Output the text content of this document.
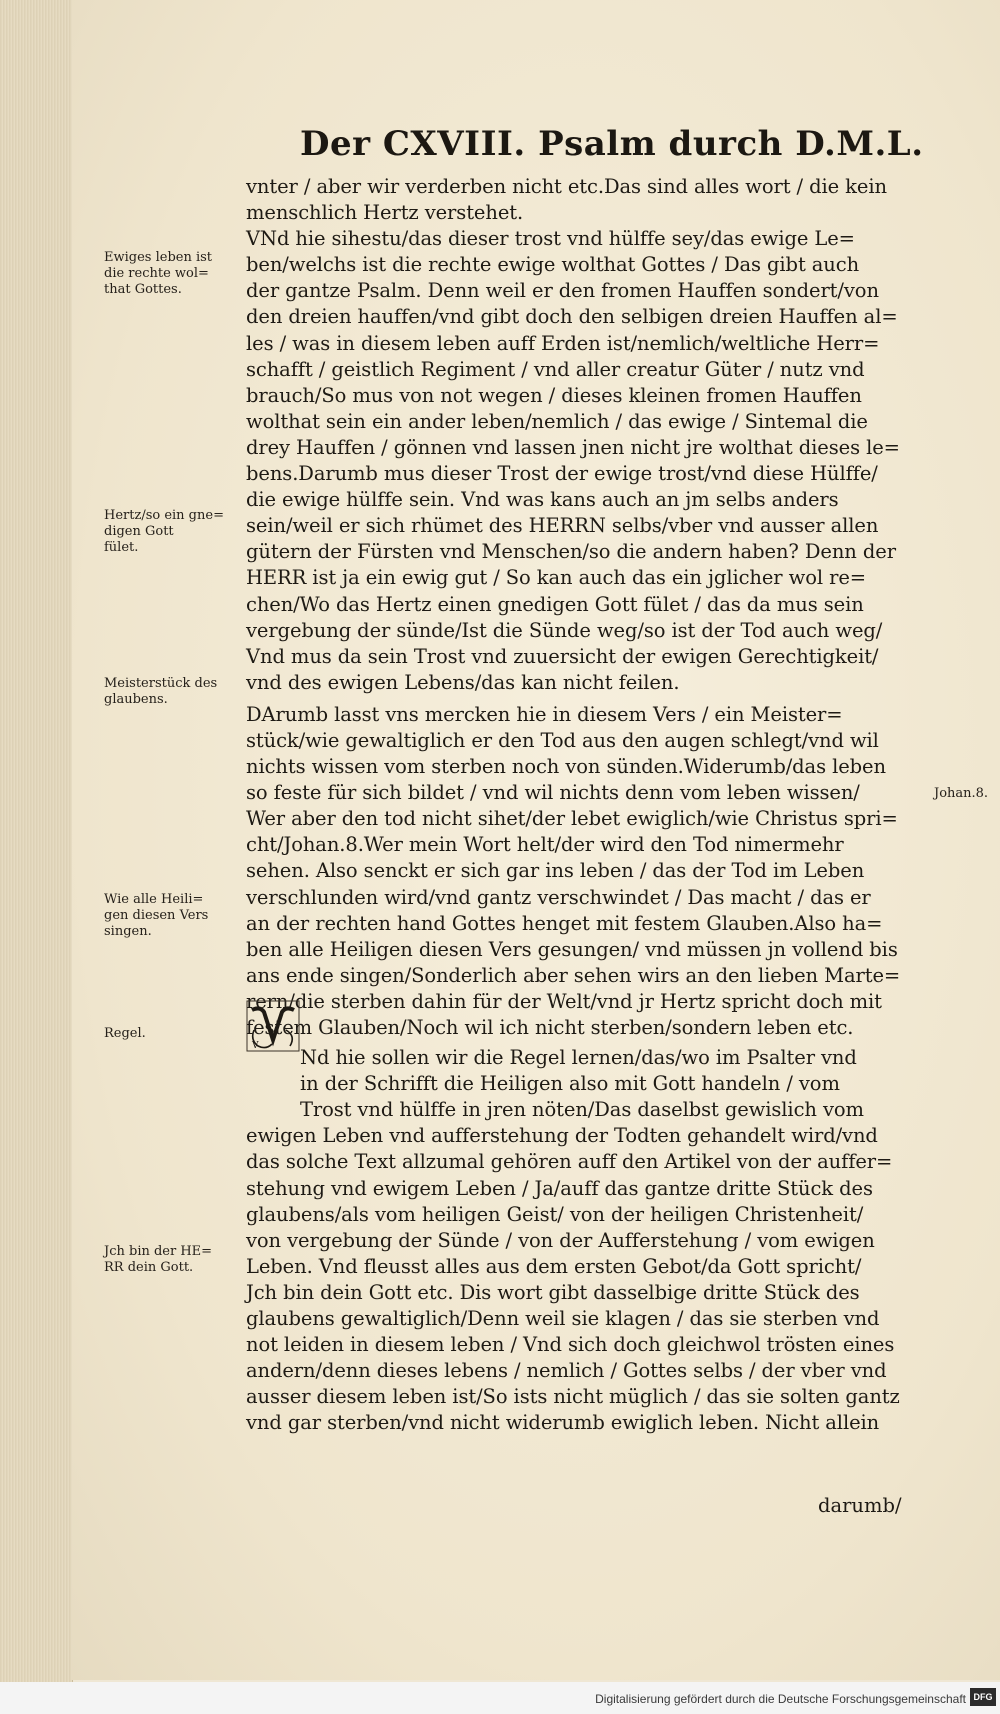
Der CXVIII. Psalm durch D.M.L.
vnter / aber wir verderben nicht etc.Das sind alles wort / die kein
menschlich Hertz verstehet.
VNd hie sihestu/das dieser trost vnd hülffe sey/das ewige Le=
ben/welchs ist die rechte ewige wolthat Gottes / Das gibt auch
der gantze Psalm. Denn weil er den fromen Hauffen sondert/von
den dreien hauffen/vnd gibt doch den selbigen dreien Hauffen al=
les / was in diesem leben auff Erden ist/nemlich/weltliche Herr=
schafft / geistlich Regiment / vnd aller creatur Güter / nutz vnd
brauch/So mus von not wegen / dieses kleinen fromen Hauffen
wolthat sein ein ander leben/nemlich / das ewige / Sintemal die
drey Hauffen / gönnen vnd lassen jnen nicht jre wolthat dieses le=
bens.Darumb mus dieser Trost der ewige trost/vnd diese Hülffe/
die ewige hülffe sein. Vnd was kans auch an jm selbs anders
sein/weil er sich rhümet des HERRN selbs/vber vnd ausser allen
gütern der Fürsten vnd Menschen/so die andern haben? Denn der
HERR ist ja ein ewig gut / So kan auch das ein jglicher wol re=
chen/Wo das Hertz einen gnedigen Gott fület / das da mus sein
vergebung der sünde/Ist die Sünde weg/so ist der Tod auch weg/
Vnd mus da sein Trost vnd zuuersicht der ewigen Gerechtigkeit/
vnd des ewigen Lebens/das kan nicht feilen.
DArumb lasst vns mercken hie in diesem Vers / ein Meister=
stück/wie gewaltiglich er den Tod aus den augen schlegt/vnd wil
nichts wissen vom sterben noch von sünden.Widerumb/das leben
so feste für sich bildet / vnd wil nichts denn vom leben wissen/
Wer aber den tod nicht sihet/der lebet ewiglich/wie Christus spri=
cht/Johan.8.Wer mein Wort helt/der wird den Tod nimermehr
sehen. Also senckt er sich gar ins leben / das der Tod im Leben
verschlunden wird/vnd gantz verschwindet / Das macht / das er
an der rechten hand Gottes henget mit festem Glauben.Also ha=
ben alle Heiligen diesen Vers gesungen/ vnd müssen jn vollend bis
ans ende singen/Sonderlich aber sehen wirs an den lieben Marte=
rern/die sterben dahin für der Welt/vnd jr Hertz spricht doch mit
festem Glauben/Noch wil ich nicht sterben/sondern leben etc.
Nd hie sollen wir die Regel lernen/das/wo im Psalter vnd
in der Schrifft die Heiligen also mit Gott handeln / vom
Trost vnd hülffe in jren nöten/Das daselbst gewislich vom
ewigen Leben vnd aufferstehung der Todten gehandelt wird/vnd
das solche Text allzumal gehören auff den Artikel von der auffer=
stehung vnd ewigem Leben / Ja/auff das gantze dritte Stück des
glaubens/als vom heiligen Geist/ von der heiligen Christenheit/
von vergebung der Sünde / von der Aufferstehung / vom ewigen
Leben. Vnd fleusst alles aus dem ersten Gebot/da Gott spricht/
Jch bin dein Gott etc. Dis wort gibt dasselbige dritte Stück des
glaubens gewaltiglich/Denn weil sie klagen / das sie sterben vnd
not leiden in diesem leben / Vnd sich doch gleichwol trösten eines
andern/denn dieses lebens / nemlich / Gottes selbs / der vber vnd
ausser diesem leben ist/So ists nicht müglich / das sie solten gantz
vnd gar sterben/vnd nicht widerumb ewiglich leben. Nicht allein
V
Ewiges leben ist
die rechte wol=
that Gottes.
Hertz/so ein gne=
digen Gott
fület.
Meisterstück des
glaubens.
Wie alle Heili=
gen diesen Vers
singen.
Regel.
Jch bin der HE=
RR dein Gott.
Johan.8.
darumb/
Digitalisierung gefördert durch die Deutsche Forschungsgemeinschaft DFG
